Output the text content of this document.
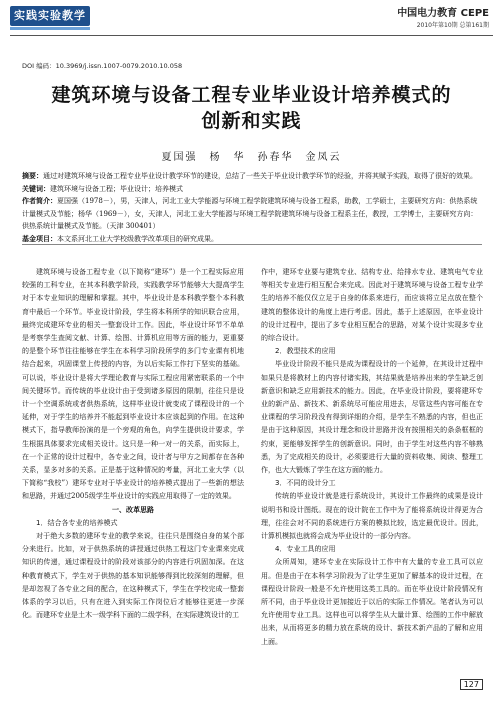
实践实验教学	中国电力教育 CEPE
2010年第10期 总第161期
DOI 编码：10.3969/j.issn.1007-0079.2010.10.058
建筑环境与设备工程专业毕业设计培养模式的
创新和实践
夏国强　杨　华　孙春华　金凤云

摘要：通过对建筑环境与设备工程专业毕业设计教学环节的建设，总结了一些关于毕业设计教学环节的经验，并将其赋予实践，取得了很好的效果。

关键词：建筑环境与设备工程；毕业设计；培养模式

作者简介：夏国强（1978－），男，天津人，河北工业大学能源与环境工程学院建筑环境与设备工程系，助教，工学硕士，主要研究方向：供热系统计量模式及节能；杨华（1969－），女，天津人，河北工业大学能源与环境工程学院建筑环境与设备工程系主任，教授，工学博士，主要研究方向：供热系统计量模式及节能。（天津 300401）

基金项目：本文系河北工业大学校级教学改革项目的研究成果。

建筑环境与设备工程专业（以下简称“建环”）是一个工程实际应用较强的工科专业，在其本科教学阶段，实践教学环节能够大大提高学生对于本专业知识的理解和掌握。其中，毕业设计是本科教学整个本科教育中最后一个环节。毕业设计阶段，学生将本科所学的知识联合应用，最终完成建环专业的相关一整套设计工作。因此，毕业设计环节不单单是考察学生查阅文献、计算、绘图、计算机应用等方面的能力，更重要的是整个环节往往能够在学生在本科学习阶段所学的多门专业课有机地结合起来，巩固课堂上传授的内容，为以后实际工作打下坚实的基础。可以说，毕业设计是将大学理论教育与实际工程应用紧密联系的一个中间关键环节。而传统的毕业设计由于受到诸多原因的限制，往往只是设计一个空调系统或者供热系统，这样毕业设计就变成了课程设计的一个延伸，对于学生的培养并不能起到毕业设计本应该起到的作用。在这种模式下，指导教师扮演的是一个旁观的角色，向学生提供设计要求，学生根据具体要求完成相关设计。这只是一种一对一的关系，而实际上，在一个正常的设计过程中，各专业之间，设计者与甲方之间都存在各种关系，显多对多的关系。正是基于这种情况的考量，河北工业大学（以下简称“我校”）建环专业对于毕业设计的培养模式提出了一些新的想法和思路，并通过2005级学生毕业设计的实践应用取得了一定的效果。

一、改革思路

1．结合各专业的培养模式

对于绝大多数的建环专业的教学来说，往往只是围绕自身的某个部分来进行。比如，对于供热系统的讲授通过供热工程这门专业课来完成知识的传递，通过课程设计的阶段对该部分的内容进行巩固加深。在这种教育模式下，学生对于供热的基本知识能够得到比较深刻的理解，但是却忽视了各专业之间的配合，在这种模式下，学生在学校完成一整套体系的学习以后，只有在进入到实际工作岗位后才能够往更进一步深化。而建环专业是土木一级学科下面的二级学科，在实际建筑设计的工

作中，建环专业要与建筑专业、结构专业、给排水专业、建筑电气专业等相关专业进行相互配合来完成。因此对于建筑环境与设备工程专业学生的培养不能仅仅立足于自身的体系来进行，而应该将立足点放在整个建筑的整体设计的角度上进行考虑。因此，基于上述原因，在毕业设计的设计过程中，提出了多专业相互配合的思路，对某个设计实现多专业的综合设计。

2．教型技术的应用

毕业设计阶段不能只是成为课程设计的一个延伸，在其设计过程中如果只是将教材上的内容付诸实践，其结果就是培养出来的学生缺乏创新意识和缺乏应用新技术的能力。因此，在毕业设计阶段，要将建环专业的新产品、新技术、新系统尽可能应用进去，尽管这些内容可能在专业课程的学习阶段没有得到详细的介绍，是学生不熟悉的内容，但也正是由于这种原因，其设计理念和设计思路并没有按照相关的条条框框的约束，更能够发挥学生的创新意识。同时，由于学生对这些内容不够熟悉，为了完成相关的设计，必须要进行大量的资料收集、阅读、整理工作，也大大锻炼了学生在这方面的能力。

3．不同的设计分工

传统的毕业设计就是进行系统设计，其设计工作最终的成果是设计说明书和设计图纸。现在的设计院在工作中为了能将系统设计得更为合理，往往会对不同的系统进行方案的模拟比较，选定最优设计。因此，计算机模拟也就将会成为毕业设计的一部分内容。

4．专业工具的应用

众所周知，建环专业在实际设计工作中有大量的专业工具可以应用。但是由于在本科学习阶段为了让学生更加了解基本的设计过程，在课程设计阶段一般是不允许使用这类工具的。而在毕业设计阶段情况有所不同，由于毕业设计更加接近于以后的实际工作情况。笔者认为可以允许使用专业工具。这样也可以将学生从大量计算、绘图的工作中解放出来，从而将更多的精力放在系统的设计、新技术新产品的了解和应用上面。

127
